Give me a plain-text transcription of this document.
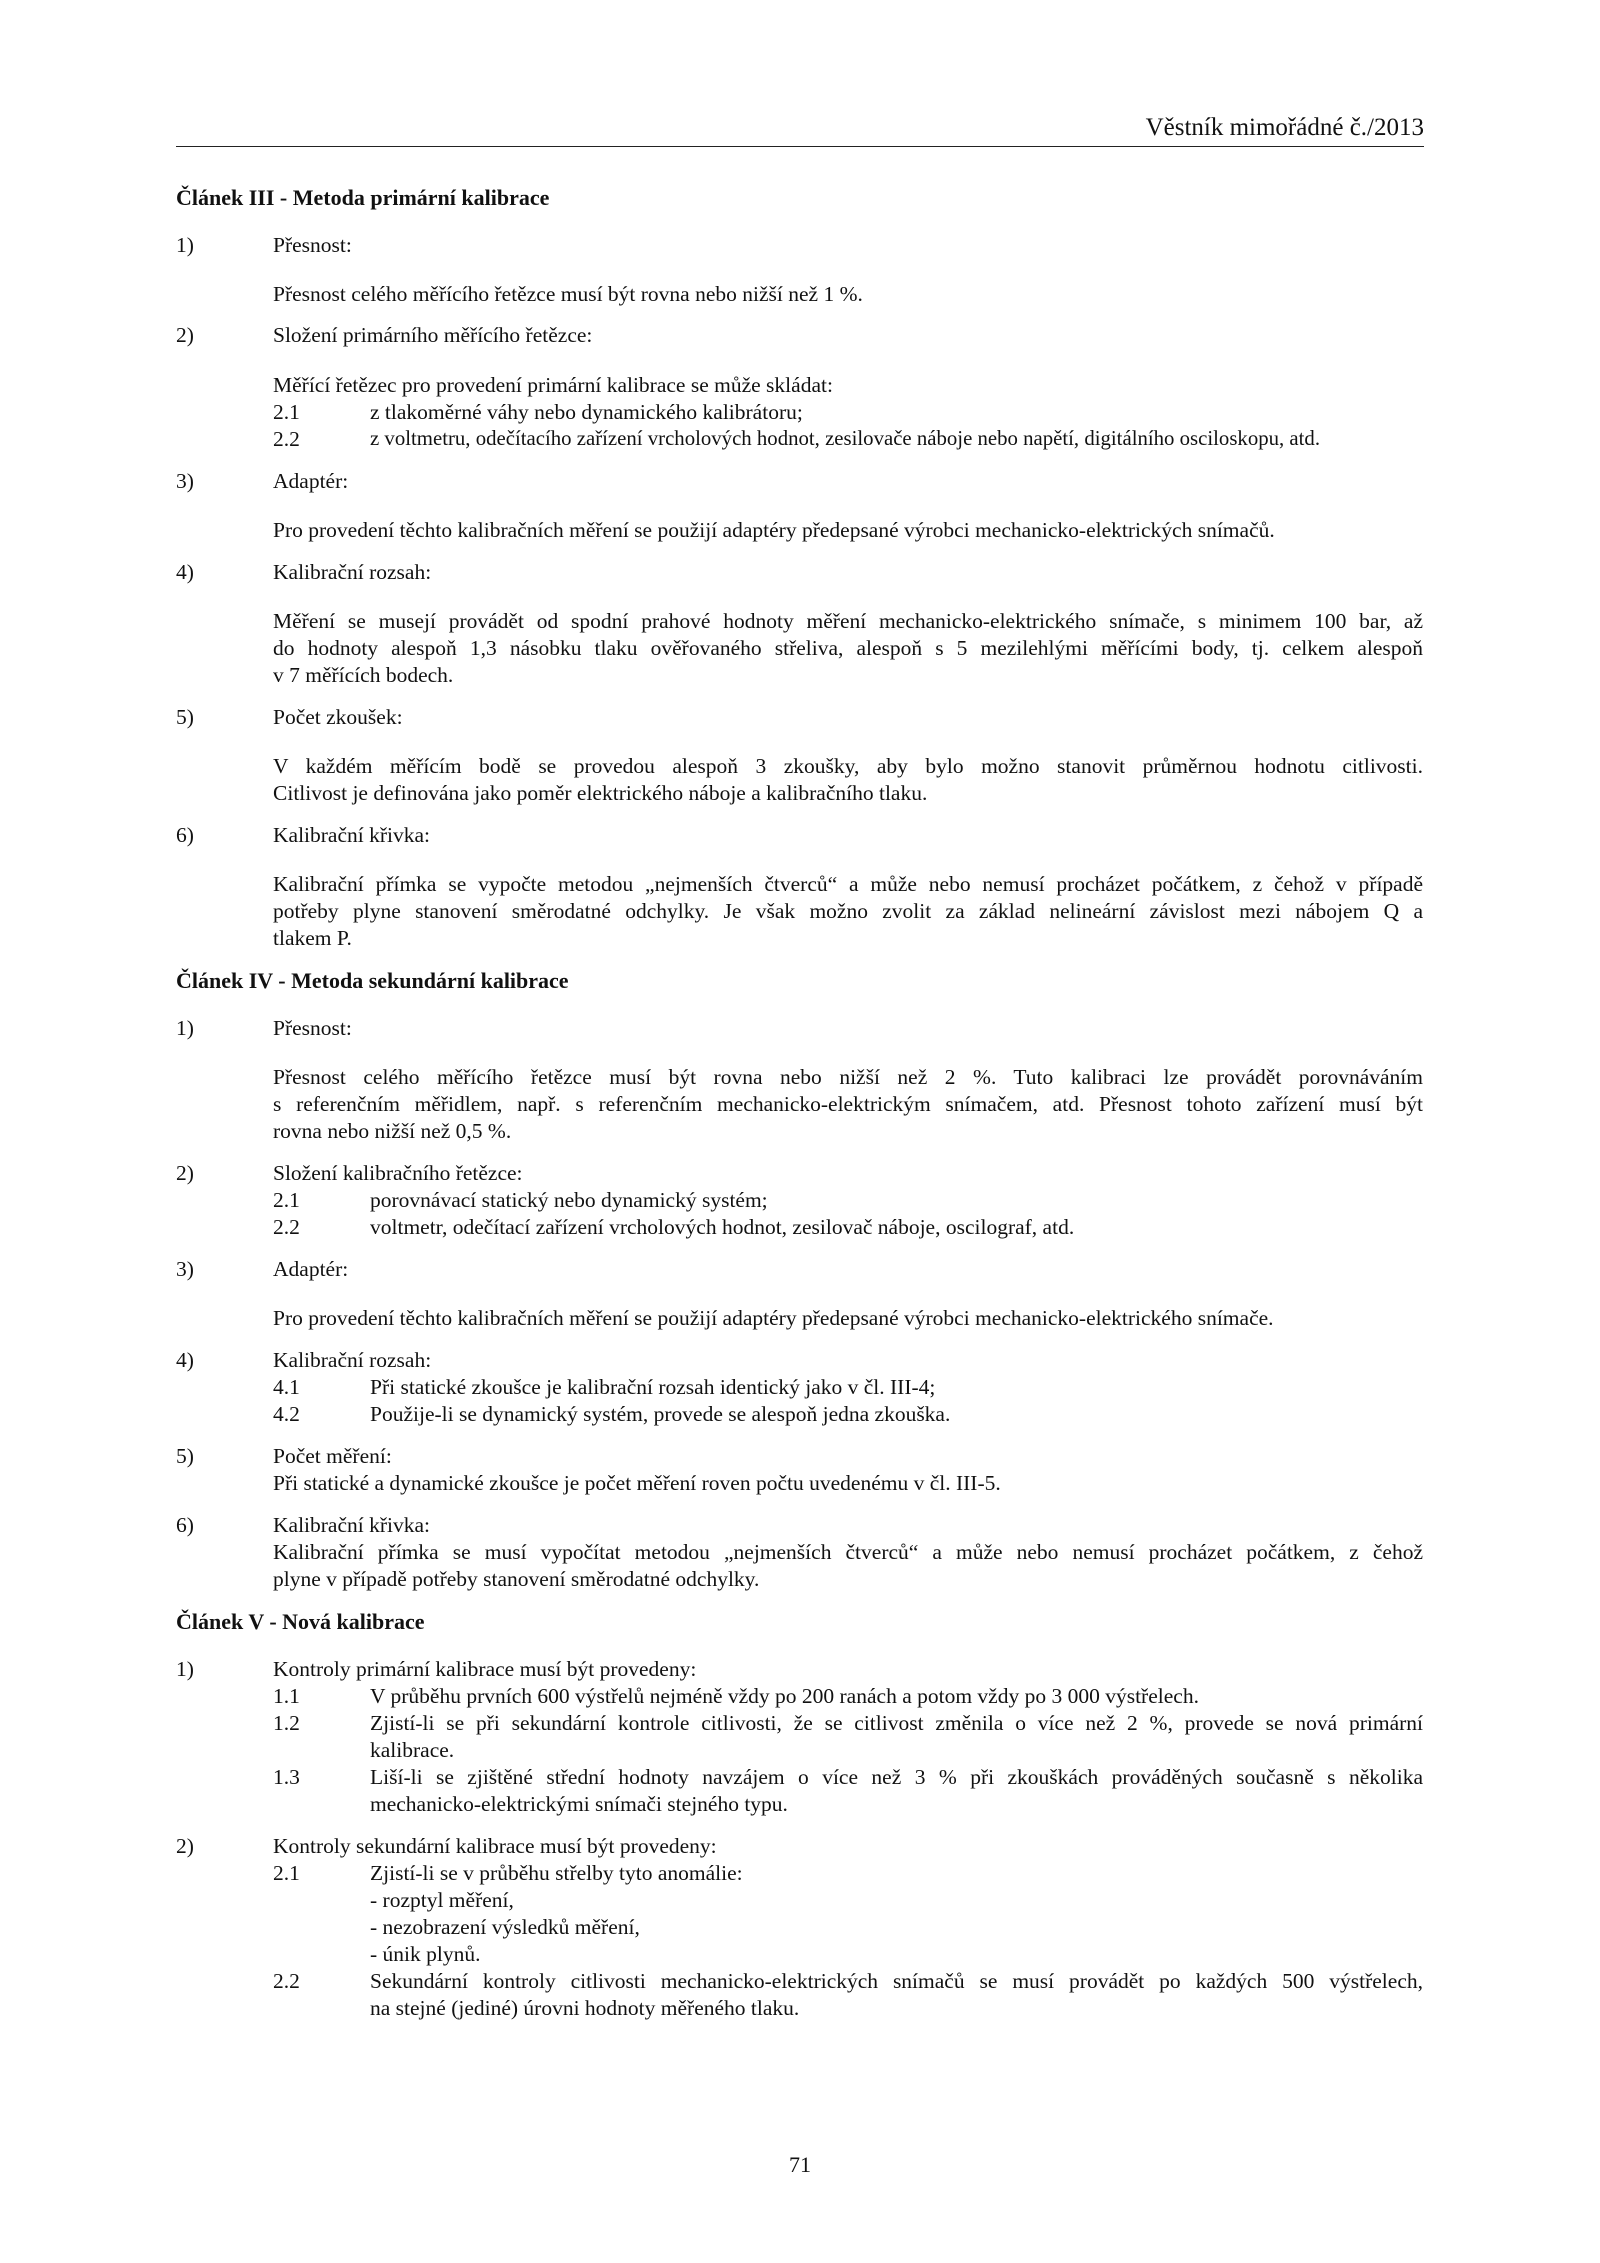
Věstník mimořádné č./2013
Článek III - Metoda primární kalibrace
1)	Přesnost:
Přesnost celého měřícího řetězce musí být rovna nebo nižší než 1 %.
2)	Složení primárního měřícího řetězce:
Měřící řetězec pro provedení primární kalibrace se může skládat:
2.1	z tlakoměrné váhy nebo dynamického kalibrátoru;
2.2	z voltmetru, odečítacího zařízení vrcholových hodnot, zesilovače náboje nebo napětí, digitálního osciloskopu, atd.
3)	Adaptér:
Pro provedení těchto kalibračních měření se použijí adaptéry předepsané výrobci mechanicko-elektrických snímačů.
4)	Kalibrační rozsah:
Měření se musejí provádět od spodní prahové hodnoty měření mechanicko-elektrického snímače, s minimem 100 bar, až
do hodnoty alespoň 1,3 násobku tlaku ověřovaného střeliva, alespoň s 5 mezilehlými měřícími body, tj. celkem alespoň
v 7 měřících bodech.
5)	Počet zkoušek:
V každém měřícím bodě se provedou alespoň 3 zkoušky, aby bylo možno stanovit průměrnou hodnotu citlivosti.
Citlivost je definována jako poměr elektrického náboje a kalibračního tlaku.
6)	Kalibrační křivka:
Kalibrační přímka se vypočte metodou „nejmenších čtverců“ a může nebo nemusí procházet počátkem, z čehož v případě
potřeby plyne stanovení směrodatné odchylky. Je však možno zvolit za základ nelineární závislost mezi nábojem Q a
tlakem P.
Článek IV - Metoda sekundární kalibrace
1)	Přesnost:
Přesnost celého měřícího řetězce musí být rovna nebo nižší než 2 %. Tuto kalibraci lze provádět porovnáváním
s referenčním měřidlem, např. s referenčním mechanicko-elektrickým snímačem, atd. Přesnost tohoto zařízení musí být
rovna nebo nižší než 0,5 %.
2)	Složení kalibračního řetězce:
2.1	porovnávací statický nebo dynamický systém;
2.2	voltmetr, odečítací zařízení vrcholových hodnot, zesilovač náboje, oscilograf, atd.
3)	Adaptér:
Pro provedení těchto kalibračních měření se použijí adaptéry předepsané výrobci mechanicko-elektrického snímače.
4)	Kalibrační rozsah:
4.1	Při statické zkoušce je kalibrační rozsah identický jako v čl. III-4;
4.2	Použije-li se dynamický systém, provede se alespoň jedna zkouška.
5)	Počet měření:
Při statické a dynamické zkoušce je počet měření roven počtu uvedenému v čl. III-5.
6)	Kalibrační křivka:
Kalibrační přímka se musí vypočítat metodou „nejmenších čtverců“ a může nebo nemusí procházet počátkem, z čehož
plyne v případě potřeby stanovení směrodatné odchylky.
Článek V - Nová kalibrace
1)	Kontroly primární kalibrace musí být provedeny:
1.1	V průběhu prvních 600 výstřelů nejméně vždy po 200 ranách a potom vždy po 3 000 výstřelech.
1.2	Zjistí-li se při sekundární kontrole citlivosti, že se citlivost změnila o více než 2 %, provede se nová primární
kalibrace.
1.3	Liší-li se zjištěné střední hodnoty navzájem o více než 3 % při zkouškách prováděných současně s několika
mechanicko-elektrickými snímači stejného typu.
2)	Kontroly sekundární kalibrace musí být provedeny:
2.1	Zjistí-li se v průběhu střelby tyto anomálie:
- rozptyl měření,
- nezobrazení výsledků měření,
- únik plynů.
2.2	Sekundární kontroly citlivosti mechanicko-elektrických snímačů se musí provádět po každých 500 výstřelech,
na stejné (jediné) úrovni hodnoty měřeného tlaku.
71
